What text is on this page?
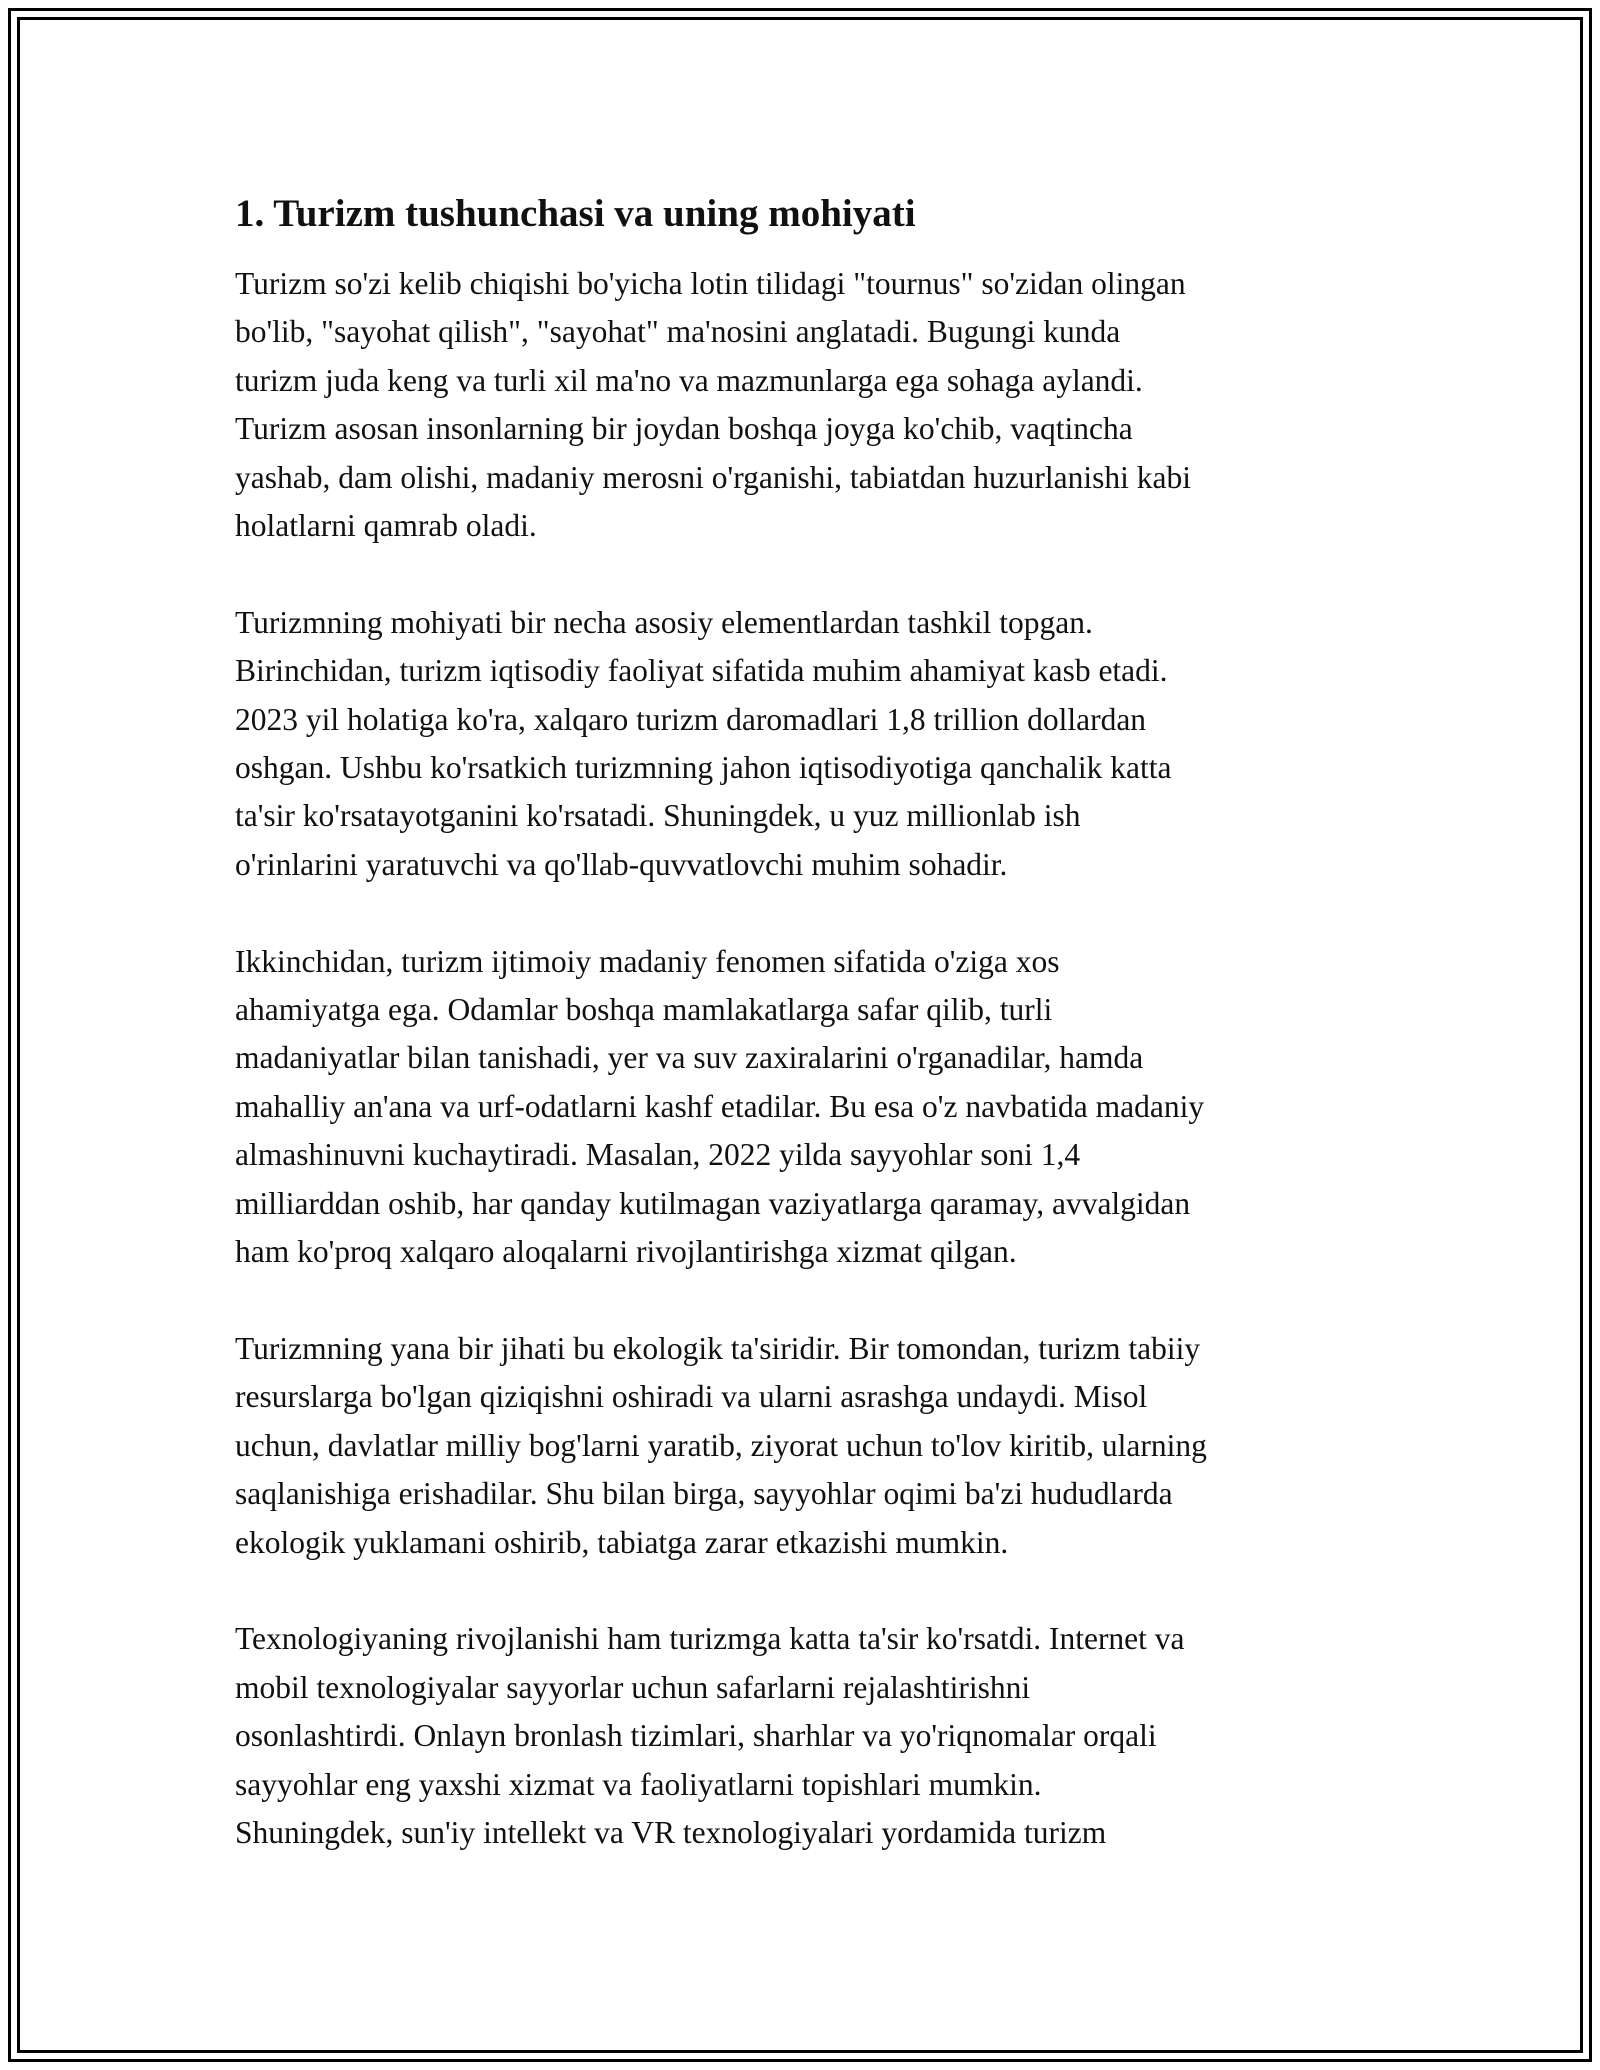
1. Turizm tushunchasi va uning mohiyati
Turizm so'zi kelib chiqishi bo'yicha lotin tilidagi "tournus" so'zidan olingan
bo'lib, "sayohat qilish", "sayohat" ma'nosini anglatadi. Bugungi kunda
turizm juda keng va turli xil ma'no va mazmunlarga ega sohaga aylandi.
Turizm asosan insonlarning bir joydan boshqa joyga ko'chib, vaqtincha
yashab, dam olishi, madaniy merosni o'rganishi, tabiatdan huzurlanishi kabi
holatlarni qamrab oladi.
Turizmning mohiyati bir necha asosiy elementlardan tashkil topgan.
Birinchidan, turizm iqtisodiy faoliyat sifatida muhim ahamiyat kasb etadi.
2023 yil holatiga ko'ra, xalqaro turizm daromadlari 1,8 trillion dollardan
oshgan. Ushbu ko'rsatkich turizmning jahon iqtisodiyotiga qanchalik katta
ta'sir ko'rsatayotganini ko'rsatadi. Shuningdek, u yuz millionlab ish
o'rinlarini yaratuvchi va qo'llab-quvvatlovchi muhim sohadir.
Ikkinchidan, turizm ijtimoiy madaniy fenomen sifatida o'ziga xos
ahamiyatga ega. Odamlar boshqa mamlakatlarga safar qilib, turli
madaniyatlar bilan tanishadi, yer va suv zaxiralarini o'rganadilar, hamda
mahalliy an'ana va urf-odatlarni kashf etadilar. Bu esa o'z navbatida madaniy
almashinuvni kuchaytiradi. Masalan, 2022 yilda sayyohlar soni 1,4
milliarddan oshib, har qanday kutilmagan vaziyatlarga qaramay, avvalgidan
ham ko'proq xalqaro aloqalarni rivojlantirishga xizmat qilgan.
Turizmning yana bir jihati bu ekologik ta'siridir. Bir tomondan, turizm tabiiy
resurslarga bo'lgan qiziqishni oshiradi va ularni asrashga undaydi. Misol
uchun, davlatlar milliy bog'larni yaratib, ziyorat uchun to'lov kiritib, ularning
saqlanishiga erishadilar. Shu bilan birga, sayyohlar oqimi ba'zi hududlarda
ekologik yuklamani oshirib, tabiatga zarar etkazishi mumkin.
Texnologiyaning rivojlanishi ham turizmga katta ta'sir ko'rsatdi. Internet va
mobil texnologiyalar sayyorlar uchun safarlarni rejalashtirishni
osonlashtirdi. Onlayn bronlash tizimlari, sharhlar va yo'riqnomalar orqali
sayyohlar eng yaxshi xizmat va faoliyatlarni topishlari mumkin.
Shuningdek, sun'iy intellekt va VR texnologiyalari yordamida turizm
